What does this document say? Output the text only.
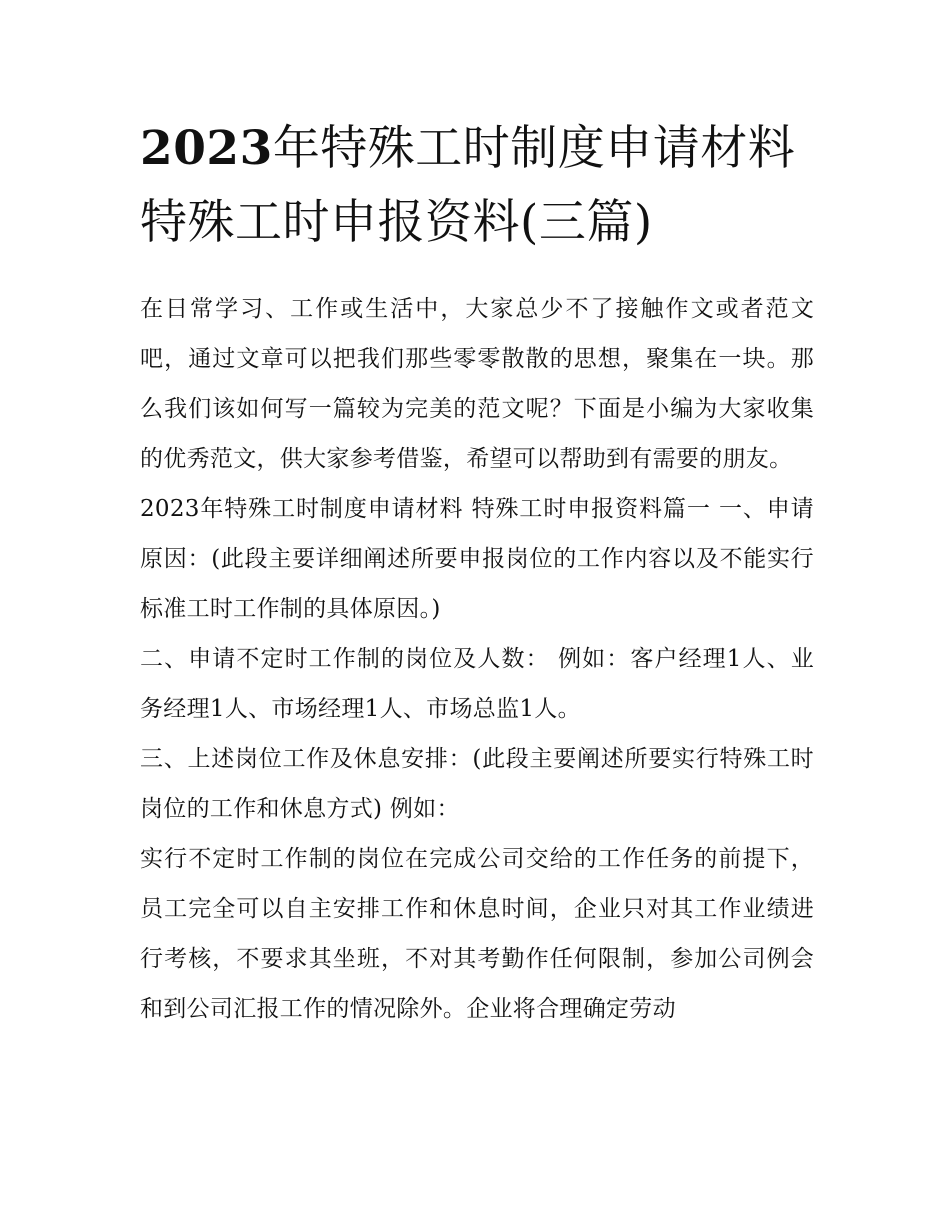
2023年特殊工时制度申请材料特殊工时申报资料(三篇)

在日常学习、工作或生活中，大家总少不了接触作文或者范文吧，通过文章可以把我们那些零零散散的思想，聚集在一块。那么我们该如何写一篇较为完美的范文呢？下面是小编为大家收集的优秀范文，供大家参考借鉴，希望可以帮助到有需要的朋友。

2023年特殊工时制度申请材料 特殊工时申报资料篇一 一、申请原因：(此段主要详细阐述所要申报岗位的工作内容以及不能实行标准工时工作制的具体原因。)

二、申请不定时工作制的岗位及人数： 例如：客户经理1人、业务经理1人、市场经理1人、市场总监1人。

三、上述岗位工作及休息安排：(此段主要阐述所要实行特殊工时岗位的工作和休息方式) 例如：

实行不定时工作制的岗位在完成公司交给的工作任务的前提下，员工完全可以自主安排工作和休息时间，企业只对其工作业绩进行考核，不要求其坐班，不对其考勤作任何限制，参加公司例会和到公司汇报工作的情况除外。企业将合理确定劳动
